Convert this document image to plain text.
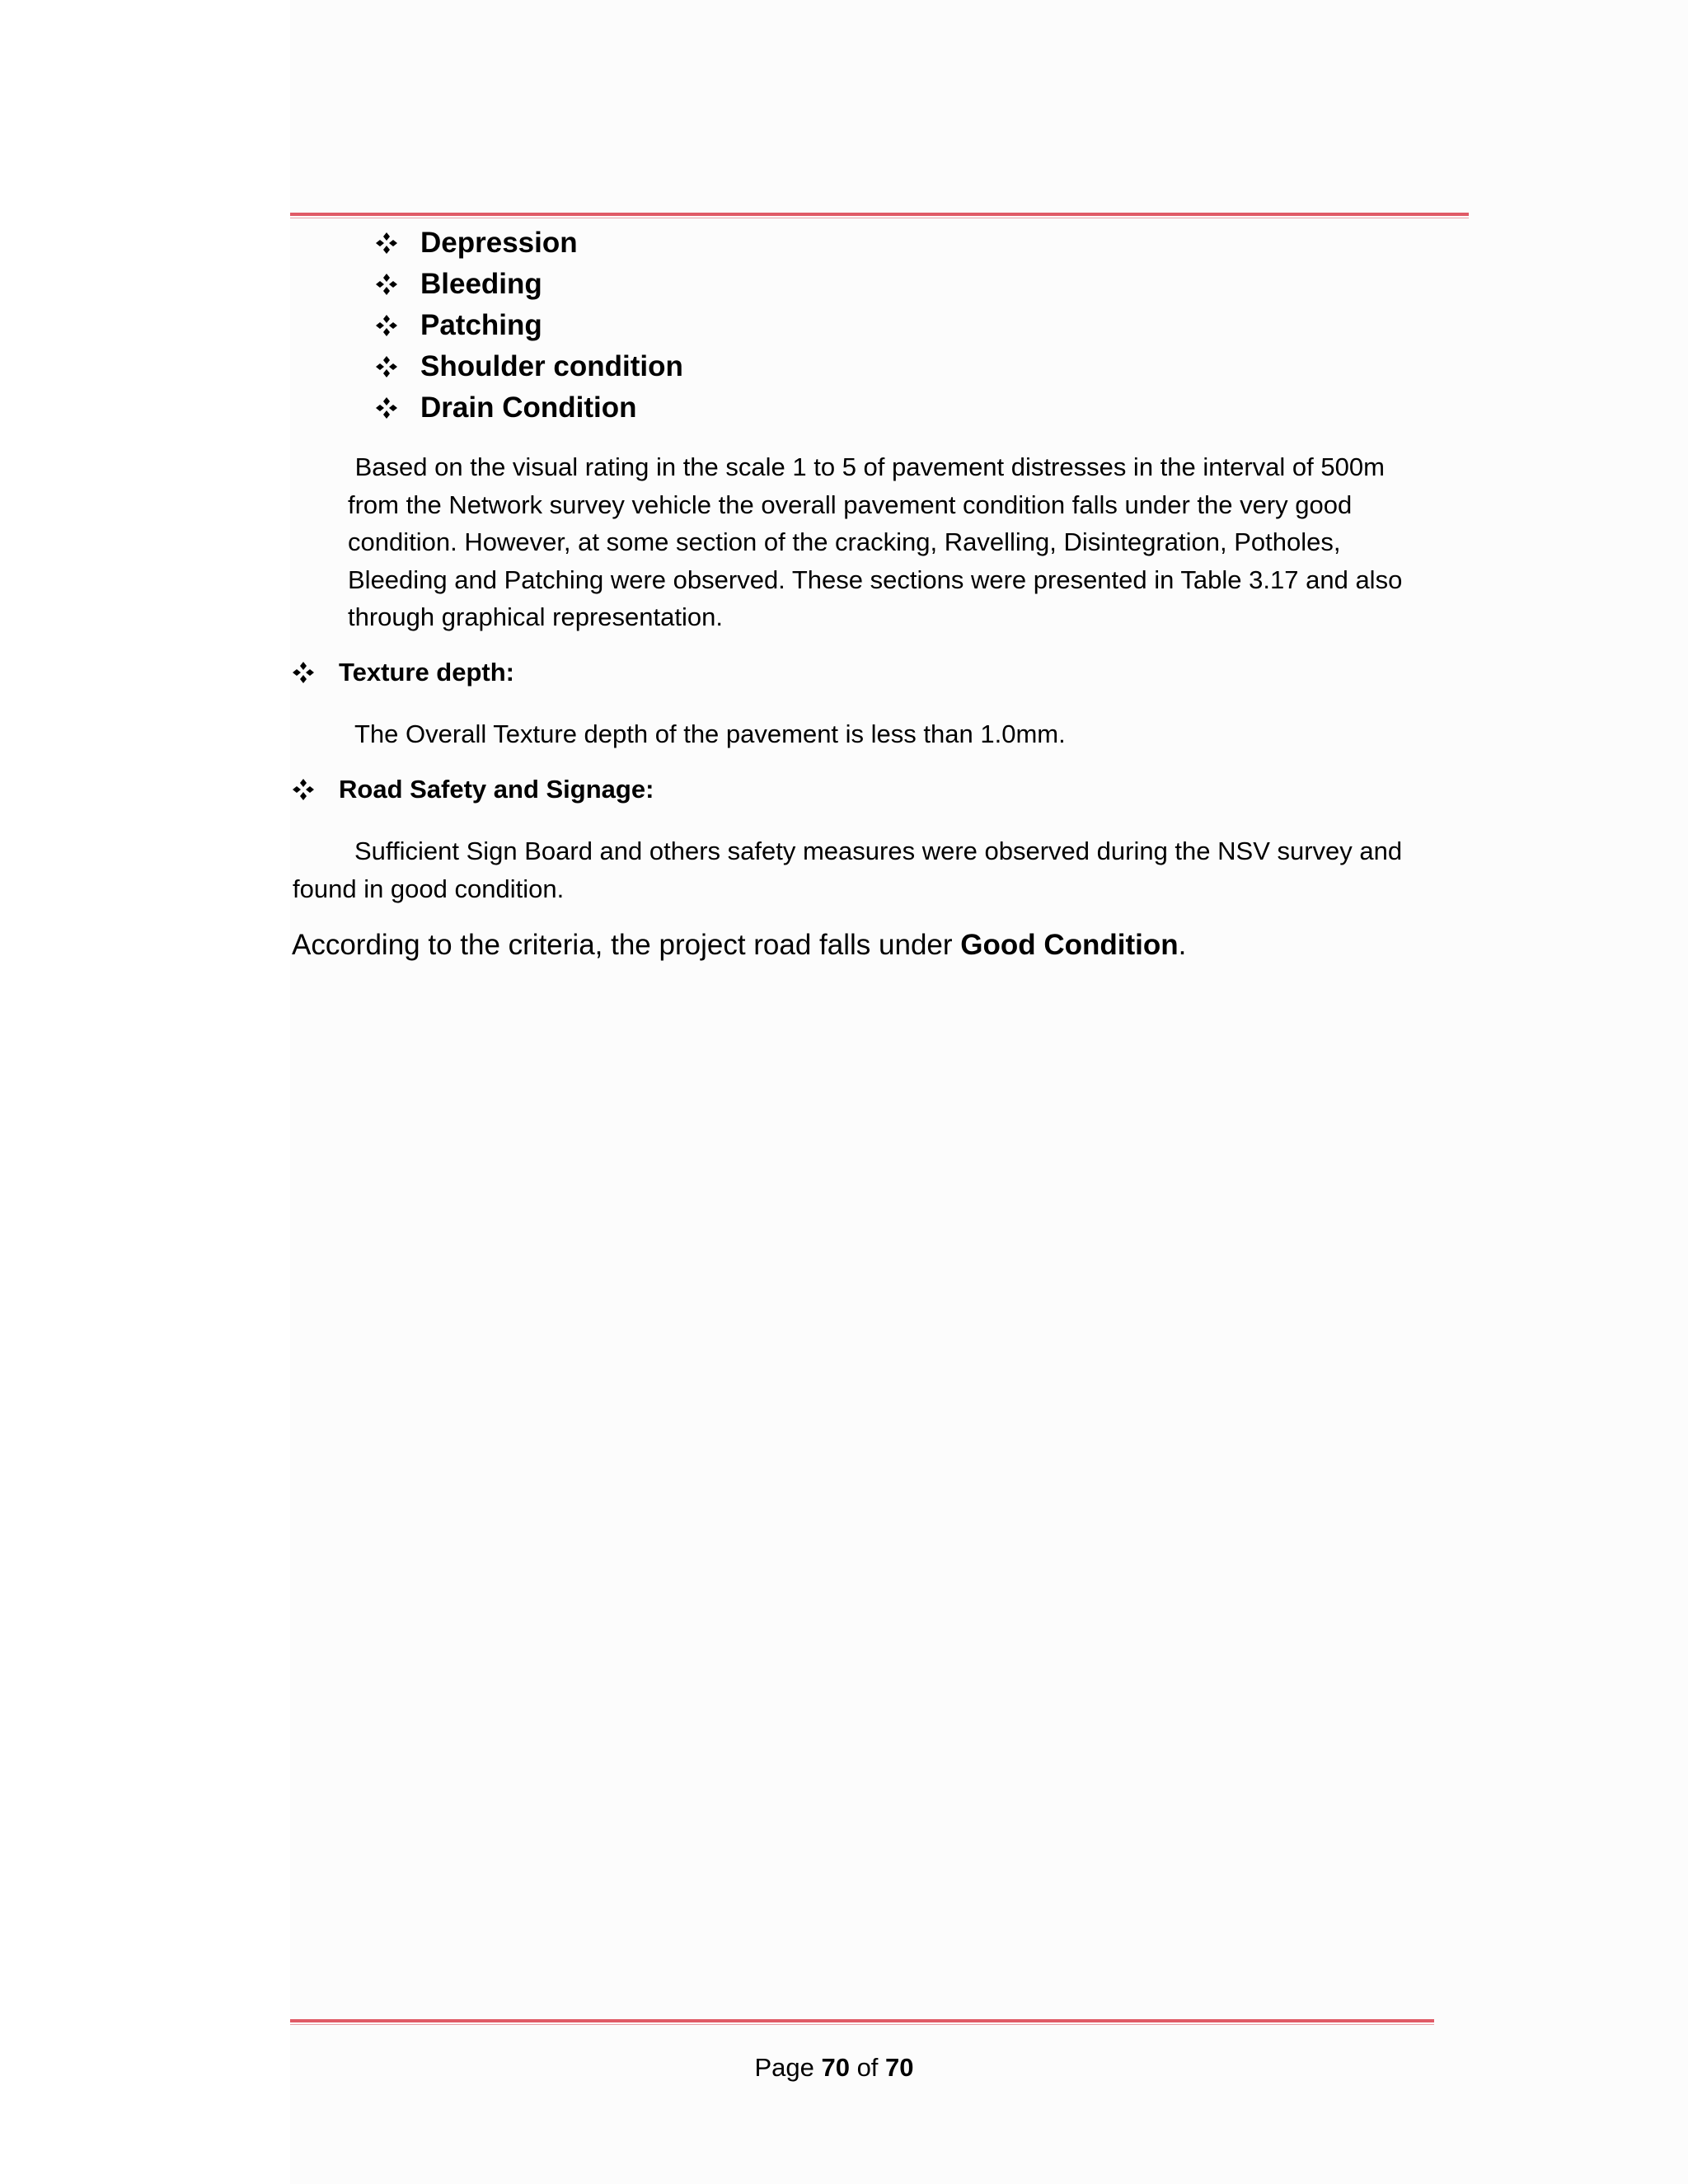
Depression
Bleeding
Patching
Shoulder condition
Drain Condition

Based on the visual rating in the scale 1 to 5 of pavement distresses in the interval of 500m
from the Network survey vehicle the overall pavement condition falls under the very good
condition. However, at some section of the cracking, Ravelling, Disintegration, Potholes,
Bleeding and Patching were observed. These sections were presented in Table 3.17 and also
through graphical representation.

Texture depth:

The Overall Texture depth of the pavement is less than 1.0mm.

Road Safety and Signage:

Sufficient Sign Board and others safety measures were observed during the NSV survey and
found in good condition.

According to the criteria, the project road falls under Good Condition.
Page 70 of 70
